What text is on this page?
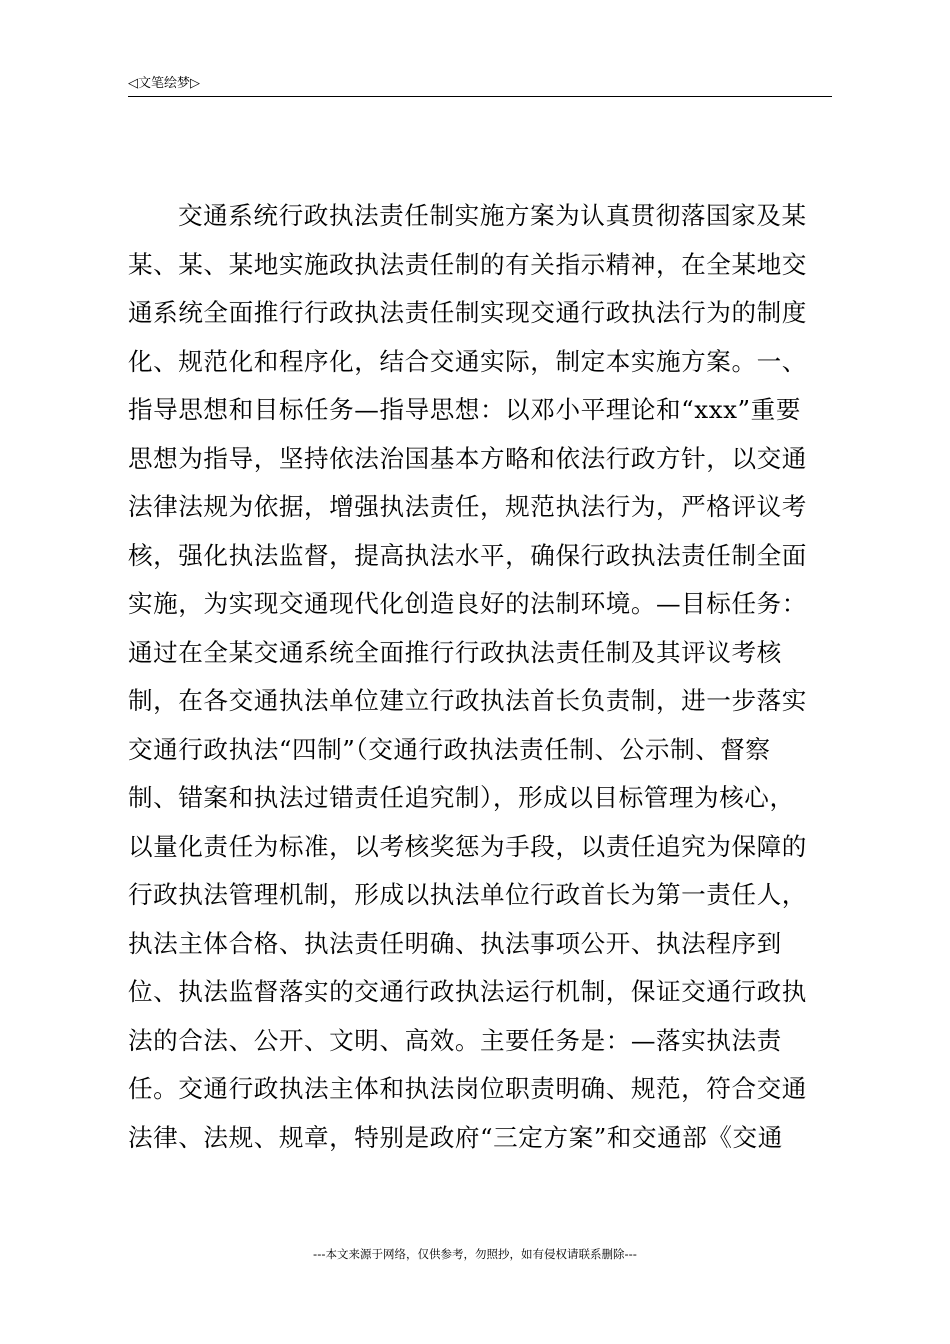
◁文笔绘梦▷
交通系统行政执法责任制实施方案为认真贯彻落国家及某
某、某、某地实施政执法责任制的有关指示精神，在全某地交
通系统全面推行行政执法责任制实现交通行政执法行为的制度
化、规范化和程序化，结合交通实际，制定本实施方案。一、
指导思想和目标任务—指导思想：以邓小平理论和“xxx”重要
思想为指导，坚持依法治国基本方略和依法行政方针，以交通
法律法规为依据，增强执法责任，规范执法行为，严格评议考
核，强化执法监督，提高执法水平，确保行政执法责任制全面
实施，为实现交通现代化创造良好的法制环境。—目标任务：
通过在全某交通系统全面推行行政执法责任制及其评议考核
制，在各交通执法单位建立行政执法首长负责制，进一步落实
交通行政执法“四制”（交通行政执法责任制、公示制、督察
制、错案和执法过错责任追究制），形成以目标管理为核心，
以量化责任为标准，以考核奖惩为手段，以责任追究为保障的
行政执法管理机制，形成以执法单位行政首长为第一责任人，
执法主体合格、执法责任明确、执法事项公开、执法程序到
位、执法监督落实的交通行政执法运行机制，保证交通行政执
法的合法、公开、文明、高效。主要任务是：—落实执法责
任。交通行政执法主体和执法岗位职责明确、规范，符合交通
法律、法规、规章，特别是政府“三定方案”和交通部《交通
---本文来源于网络，仅供参考，勿照抄，如有侵权请联系删除---
